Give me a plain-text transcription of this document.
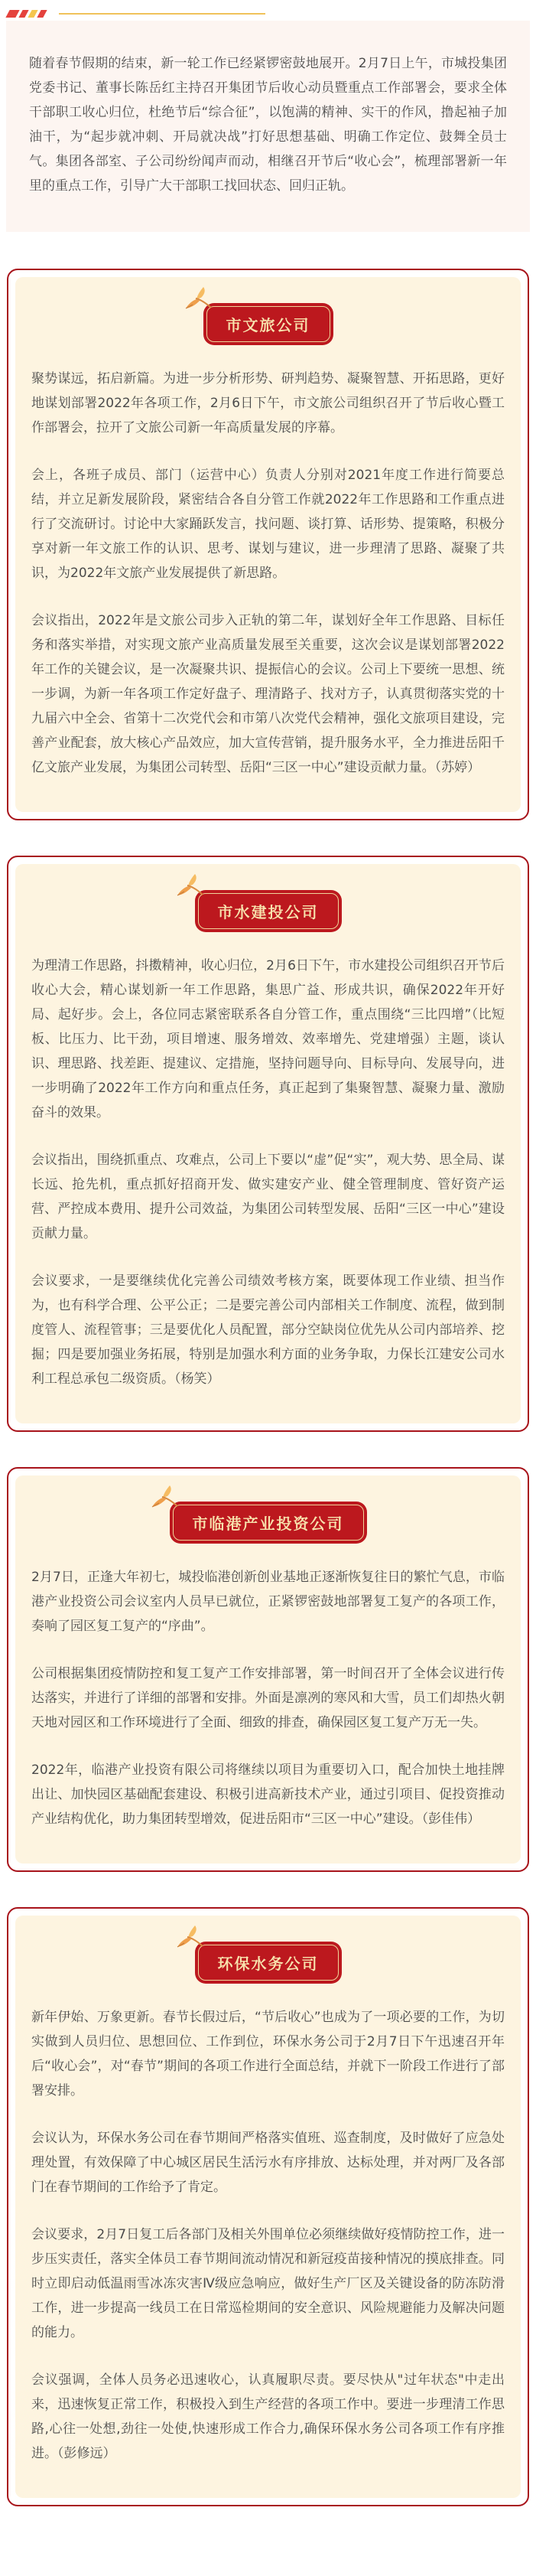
随着春节假期的结束，新一轮工作已经紧锣密鼓地展开。2月7日上午，市城投集团党委书记、董事长陈岳红主持召开集团节后收心动员暨重点工作部署会，要求全体干部职工收心归位，杜绝节后“综合征”，以饱满的精神、实干的作风，撸起袖子加油干，为“起步就冲刺、开局就决战”打好思想基础、明确工作定位、鼓舞全员士气。集团各部室、子公司纷纷闻声而动，相继召开节后“收心会”，梳理部署新一年里的重点工作，引导广大干部职工找回状态、回归正轨。

市文旅公司

聚势谋远，拓启新篇。为进一步分析形势、研判趋势、凝聚智慧、开拓思路，更好地谋划部署2022年各项工作，2月6日下午，市文旅公司组织召开了节后收心暨工作部署会，拉开了文旅公司新一年高质量发展的序幕。

会上，各班子成员、部门（运营中心）负责人分别对2021年度工作进行简要总结，并立足新发展阶段，紧密结合各自分管工作就2022年工作思路和工作重点进行了交流研讨。讨论中大家踊跃发言，找问题、谈打算、话形势、提策略，积极分享对新一年文旅工作的认识、思考、谋划与建议，进一步理清了思路、凝聚了共识，为2022年文旅产业发展提供了新思路。

会议指出，2022年是文旅公司步入正轨的第二年，谋划好全年工作思路、目标任务和落实举措，对实现文旅产业高质量发展至关重要，这次会议是谋划部署2022年工作的关键会议，是一次凝聚共识、提振信心的会议。公司上下要统一思想、统一步调，为新一年各项工作定好盘子、理清路子、找对方子，认真贯彻落实党的十九届六中全会、省第十二次党代会和市第八次党代会精神，强化文旅项目建设，完善产业配套，放大核心产品效应，加大宣传营销，提升服务水平，全力推进岳阳千亿文旅产业发展，为集团公司转型、岳阳“三区一中心”建设贡献力量。（苏婷）

市水建投公司

为理清工作思路，抖擞精神，收心归位，2月6日下午，市水建投公司组织召开节后收心大会，精心谋划新一年工作思路，集思广益、形成共识，确保2022年开好局、起好步。会上，各位同志紧密联系各自分管工作，重点围绕“三比四增”（比短板、比压力、比干劲，项目增速、服务增效、效率增先、党建增强）主题，谈认识、理思路、找差距、提建议、定措施，坚持问题导向、目标导向、发展导向，进一步明确了2022年工作方向和重点任务，真正起到了集聚智慧、凝聚力量、激励奋斗的效果。

会议指出，围绕抓重点、攻难点，公司上下要以“虚”促“实”，观大势、思全局、谋长远、抢先机，重点抓好招商开发、做实建安产业、健全管理制度、管好资产运营、严控成本费用、提升公司效益，为集团公司转型发展、岳阳“三区一中心”建设贡献力量。

会议要求，一是要继续优化完善公司绩效考核方案，既要体现工作业绩、担当作为，也有科学合理、公平公正；二是要完善公司内部相关工作制度、流程，做到制度管人、流程管事；三是要优化人员配置，部分空缺岗位优先从公司内部培养、挖掘；四是要加强业务拓展，特别是加强水利方面的业务争取，力保长江建安公司水利工程总承包二级资质。（杨笑）

市临港产业投资公司

2月7日，正逢大年初七，城投临港创新创业基地正逐渐恢复往日的繁忙气息，市临港产业投资公司会议室内人员早已就位，正紧锣密鼓地部署复工复产的各项工作，奏响了园区复工复产的“序曲”。

公司根据集团疫情防控和复工复产工作安排部署，第一时间召开了全体会议进行传达落实，并进行了详细的部署和安排。外面是凛冽的寒风和大雪，员工们却热火朝天地对园区和工作环境进行了全面、细致的排查，确保园区复工复产万无一失。

2022年，临港产业投资有限公司将继续以项目为重要切入口，配合加快土地挂牌出让、加快园区基础配套建设、积极引进高新技术产业，通过引项目、促投资推动产业结构优化，助力集团转型增效，促进岳阳市“三区一中心”建设。（彭佳伟）

环保水务公司

新年伊始、万象更新。春节长假过后，“节后收心”也成为了一项必要的工作，为切实做到人员归位、思想回位、工作到位，环保水务公司于2月7日下午迅速召开年后“收心会”，对“春节”期间的各项工作进行全面总结，并就下一阶段工作进行了部署安排。

会议认为，环保水务公司在春节期间严格落实值班、巡查制度，及时做好了应急处理处置，有效保障了中心城区居民生活污水有序排放、达标处理，并对两厂及各部门在春节期间的工作给予了肯定。

会议要求，2月7日复工后各部门及相关外围单位必须继续做好疫情防控工作，进一步压实责任，落实全体员工春节期间流动情况和新冠疫苗接种情况的摸底排查。同时立即启动低温雨雪冰冻灾害Ⅳ级应急响应，做好生产厂区及关键设备的防冻防滑工作，进一步提高一线员工在日常巡检期间的安全意识、风险规避能力及解决问题的能力。

会议强调，全体人员务必迅速收心，认真履职尽责。要尽快从"过年状态"中走出来，迅速恢复正常工作，积极投入到生产经营的各项工作中。要进一步理清工作思路,心往一处想,劲往一处使,快速形成工作合力,确保环保水务公司各项工作有序推进。（彭修远）
